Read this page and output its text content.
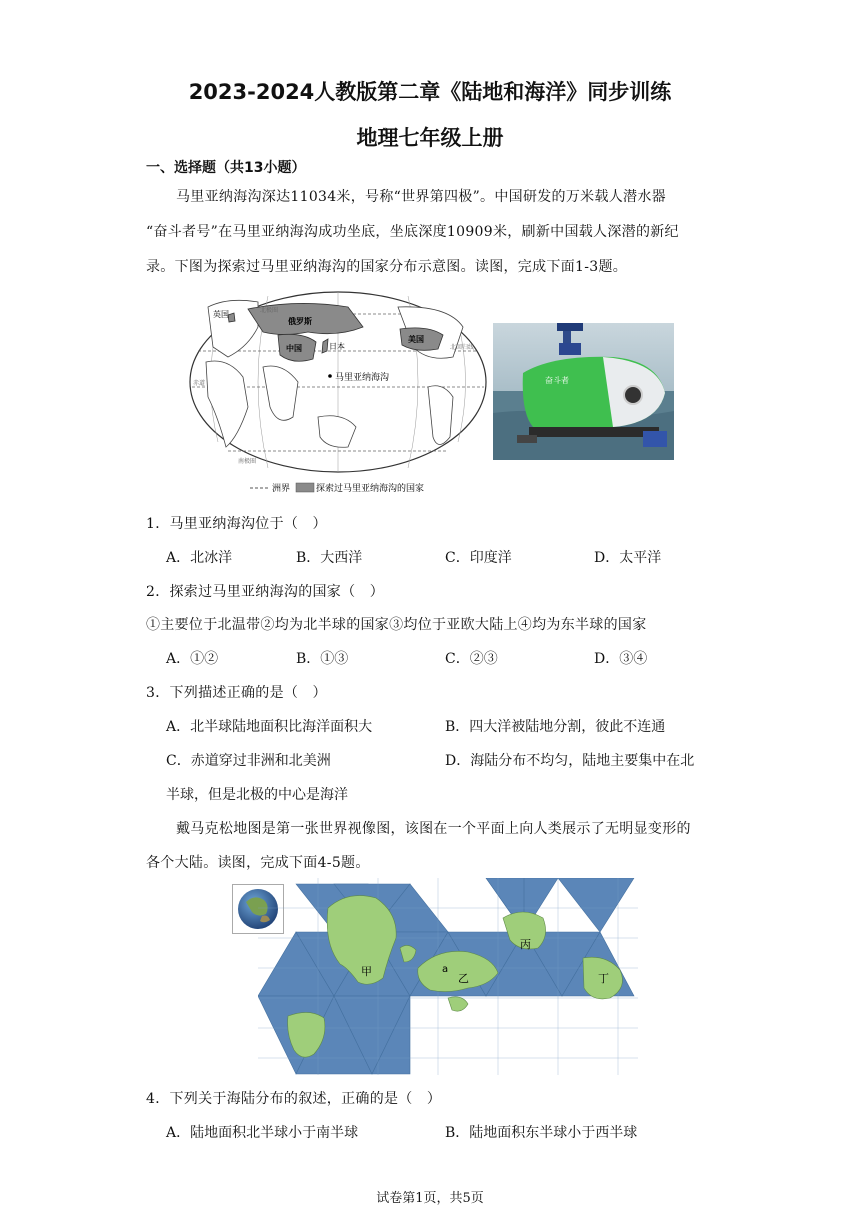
2023-2024人教版第二章《陆地和海洋》同步训练
地理七年级上册
一、选择题（共13小题）
马里亚纳海沟深达11034米，号称“世界第四极”。中国研发的万米载人潜水器
“奋斗者号”在马里亚纳海沟成功坐底，坐底深度10909米，刷新中国载人深潜的新纪
录。下图为探索过马里亚纳海沟的国家分布示意图。读图，完成下面1-3题。
英国
俄罗斯
中国	日本
美国
马里亚纳海沟
北极圈
北回归线
赤道
南极圈
洲界	探索过马里亚纳海沟的国家
奋斗者
1．马里亚纳海沟位于（　）
A．北冰洋	B．大西洋	C．印度洋	D．太平洋
2．探索过马里亚纳海沟的国家（　）
①主要位于北温带②均为北半球的国家③均位于亚欧大陆上④均为东半球的国家
A．①②	B．①③	C．②③	D．③④
3．下列描述正确的是（　）
A．北半球陆地面积比海洋面积大	B．四大洋被陆地分割，彼此不连通
C．赤道穿过非洲和北美洲	D．海陆分布不均匀，陆地主要集中在北
半球，但是北极的中心是海洋
戴马克松地图是第一张世界视像图，该图在一个平面上向人类展示了无明显变形的
各个大陆。读图，完成下面4-5题。
甲
乙
丙
丁
a
4．下列关于海陆分布的叙述，正确的是（　）
A．陆地面积北半球小于南半球	B．陆地面积东半球小于西半球
试卷第1页，共5页
